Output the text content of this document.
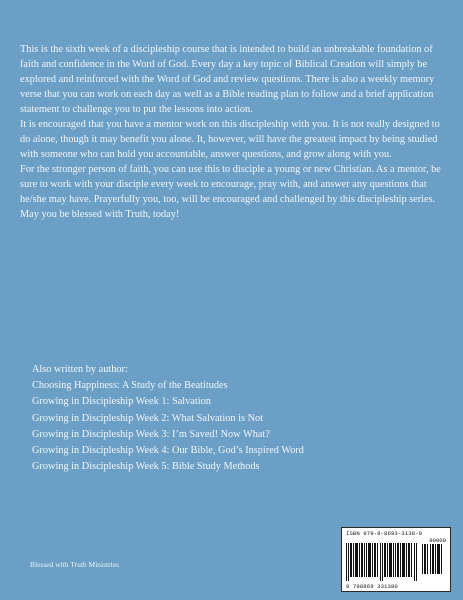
This is the sixth week of a discipleship course that is intended to build an unbreakable foundation of faith and confidence in the Word of God. Every day a key topic of Biblical Creation will simply be explored and reinforced with the Word of God and review questions. There is also a weekly memory verse that you can work on each day as well as a Bible reading plan to follow and a brief application statement to challenge you to put the lessons into action.

It is encouraged that you have a mentor work on this discipleship with you. It is not really designed to do alone, though it may benefit you alone. It, however, will have the greatest impact by being studied with someone who can hold you accountable, answer questions, and grow along with you.

For the stronger person of faith, you can use this to disciple a young or new Christian. As a mentor, be sure to work with your disciple every week to encourage, pray with, and answer any questions that he/she may have. Prayerfully you, too, will be encouraged and challenged by this discipleship series.

May you be blessed with Truth, today!

Also written by author:
Choosing Happiness: A Study of the Beatitudes
Growing in Discipleship Week 1: Salvation
Growing in Discipleship Week 2: What Salvation is Not
Growing in Discipleship Week 3: I’m Saved! Now What?
Growing in Discipleship Week 4: Our Bible, God’s Inspired Word
Growing in Discipleship Week 5: Bible Study Methods
Blessed with Truth Ministries
ISBN 979-8-8693-3138-0
90000
9 798869 331380
